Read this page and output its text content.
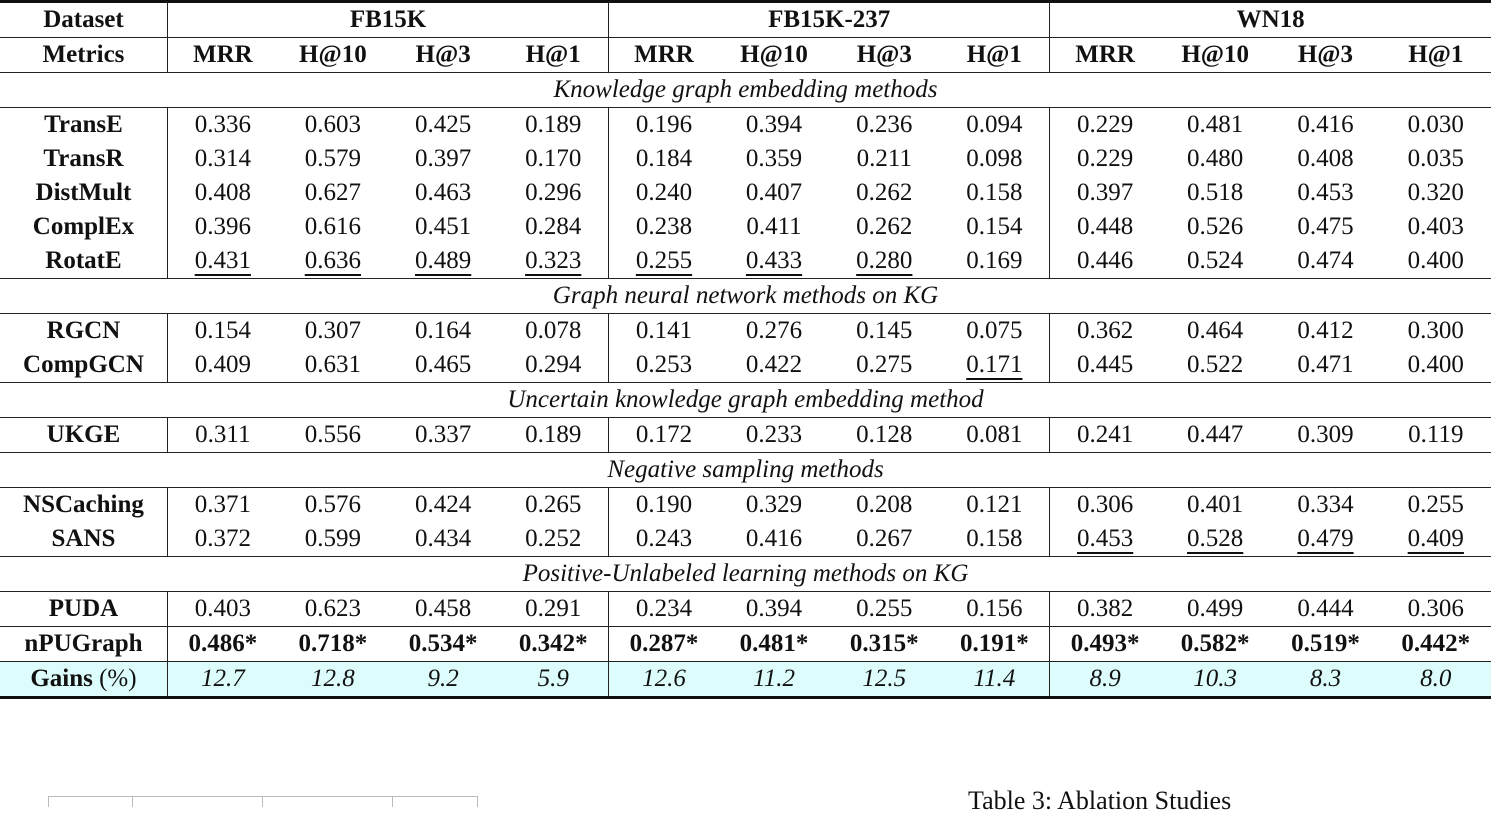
Dataset	FB15K				FB15K-237				WN18			
Metrics	MRR	H@10	H@3	H@1	MRR	H@10	H@3	H@1	MRR	H@10	H@3	H@1
Knowledge graph embedding methods												
TransE	0.336	0.603	0.425	0.189	0.196	0.394	0.236	0.094	0.229	0.481	0.416	0.030
TransR	0.314	0.579	0.397	0.170	0.184	0.359	0.211	0.098	0.229	0.480	0.408	0.035
DistMult	0.408	0.627	0.463	0.296	0.240	0.407	0.262	0.158	0.397	0.518	0.453	0.320
ComplEx	0.396	0.616	0.451	0.284	0.238	0.411	0.262	0.154	0.448	0.526	0.475	0.403
RotatE	0.431	0.636	0.489	0.323	0.255	0.433	0.280	0.169	0.446	0.524	0.474	0.400
Graph neural network methods on KG												
RGCN	0.154	0.307	0.164	0.078	0.141	0.276	0.145	0.075	0.362	0.464	0.412	0.300
CompGCN	0.409	0.631	0.465	0.294	0.253	0.422	0.275	0.171	0.445	0.522	0.471	0.400
Uncertain knowledge graph embedding method												
UKGE	0.311	0.556	0.337	0.189	0.172	0.233	0.128	0.081	0.241	0.447	0.309	0.119
Negative sampling methods												
NSCaching	0.371	0.576	0.424	0.265	0.190	0.329	0.208	0.121	0.306	0.401	0.334	0.255
SANS	0.372	0.599	0.434	0.252	0.243	0.416	0.267	0.158	0.453	0.528	0.479	0.409
Positive-Unlabeled learning methods on KG												
PUDA	0.403	0.623	0.458	0.291	0.234	0.394	0.255	0.156	0.382	0.499	0.444	0.306
nPUGraph	0.486*	0.718*	0.534*	0.342*	0.287*	0.481*	0.315*	0.191*	0.493*	0.582*	0.519*	0.442*
Gains (%)	12.7	12.8	9.2	5.9	12.6	11.2	12.5	11.4	8.9	10.3	8.3	8.0
Table 3: Ablation Studies
